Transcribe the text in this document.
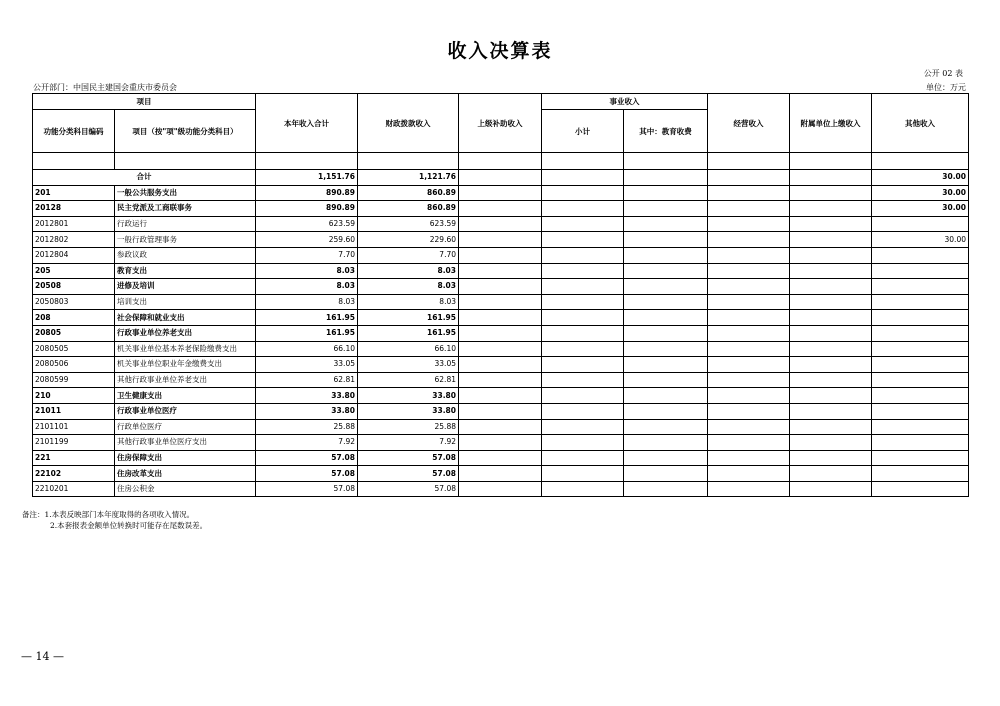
收入决算表
公开 02 表
公开部门：中国民主建国会重庆市委员会	单位：万元
项目		本年收入合计	财政拨款收入	上级补助收入	事业收入		经营收入	附属单位上缴收入	其他收入
功能分类科目编码	项目（按"项"级功能分类科目）				小计	其中：教育收费			

合计		1,151.76	1,121.76						30.00
201	一般公共服务支出	890.89	860.89						30.00
20128	民主党派及工商联事务	890.89	860.89						30.00
2012801	行政运行	623.59	623.59						
2012802	一般行政管理事务	259.60	229.60						30.00
2012804	参政议政	7.70	7.70						
205	教育支出	8.03	8.03						
20508	进修及培训	8.03	8.03						
2050803	培训支出	8.03	8.03						
208	社会保障和就业支出	161.95	161.95						
20805	行政事业单位养老支出	161.95	161.95						
2080505	机关事业单位基本养老保险缴费支出	66.10	66.10						
2080506	机关事业单位职业年金缴费支出	33.05	33.05						
2080599	其他行政事业单位养老支出	62.81	62.81						
210	卫生健康支出	33.80	33.80						
21011	行政事业单位医疗	33.80	33.80						
2101101	行政单位医疗	25.88	25.88						
2101199	其他行政事业单位医疗支出	7.92	7.92						
221	住房保障支出	57.08	57.08						
22102	住房改革支出	57.08	57.08						
2210201	住房公积金	57.08	57.08						
备注：1.本表反映部门本年度取得的各项收入情况。
2.本套报表金额单位转换时可能存在尾数误差。
— 14 —
